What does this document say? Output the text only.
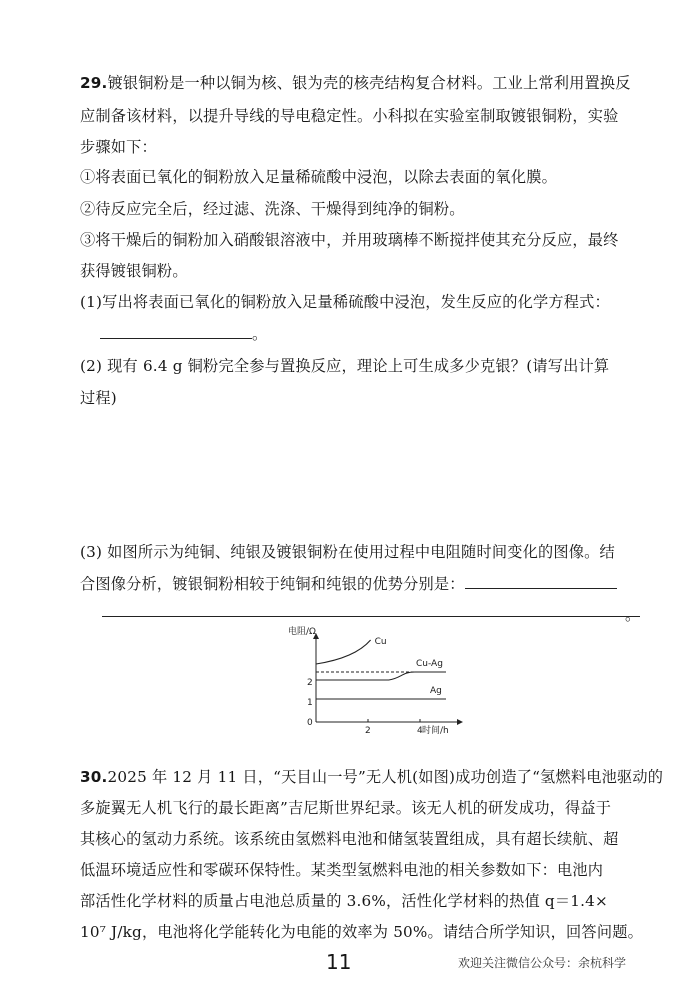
29.镀银铜粉是一种以铜为核、银为壳的核壳结构复合材料。工业上常利用置换反
应制备该材料，以提升导线的导电稳定性。小科拟在实验室制取镀银铜粉，实验
步骤如下：
①将表面已氧化的铜粉放入足量稀硫酸中浸泡，以除去表面的氧化膜。
②待反应完全后，经过滤、洗涤、干燥得到纯净的铜粉。
③将干燥后的铜粉加入硝酸银溶液中，并用玻璃棒不断搅拌使其充分反应，最终
获得镀银铜粉。
(1)写出将表面已氧化的铜粉放入足量稀硫酸中浸泡，发生反应的化学方程式：
。
(2) 现有 6.4 g 铜粉完全参与置换反应，理论上可生成多少克银？(请写出计算
过程)
(3) 如图所示为纯铜、纯银及镀银铜粉在使用过程中电阻随时间变化的图像。结
合图像分析，镀银铜粉相较于纯铜和纯银的优势分别是：
。
电阻/Ω
时间/h
2	4
0
1
2
Cu
Cu-Ag
Ag
30.2025 年 12 月 11 日，“天目山一号”无人机(如图)成功创造了“氢燃料电池驱动的
多旋翼无人机飞行的最长距离”吉尼斯世界纪录。该无人机的研发成功，得益于
其核心的氢动力系统。该系统由氢燃料电池和储氢装置组成，具有超长续航、超
低温环境适应性和零碳环保特性。某类型氢燃料电池的相关参数如下：电池内
部活性化学材料的质量占电池总质量的 3.6%，活性化学材料的热值 q＝1.4×
10⁷ J/kg，电池将化学能转化为电能的效率为 50%。请结合所学知识，回答问题。
11	欢迎关注微信公众号：余杭科学
